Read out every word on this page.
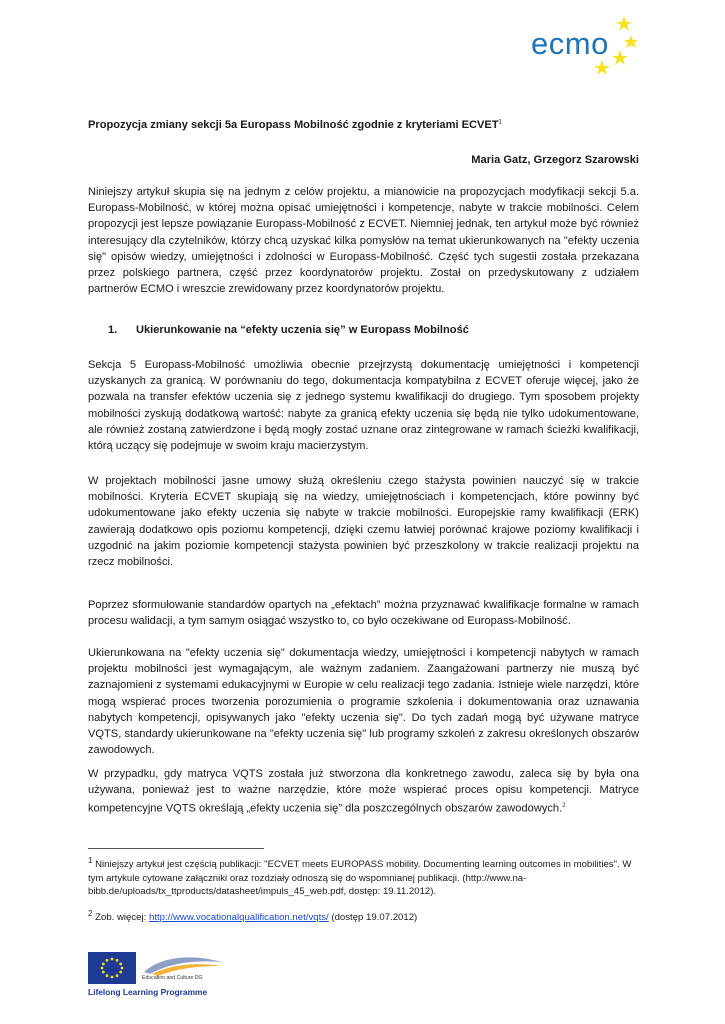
ecmo
Propozycja zmiany sekcji 5a Europass Mobilność zgodnie z kryteriami ECVET$^1$
Maria Gatz, Grzegorz Szarowski
Niniejszy artykuł skupia się na jednym z celów projektu, a mianowicie na propozycjach modyfikacji sekcji 5.a. Europass-Mobilność, w której można opisać umiejętności i kompetencje, nabyte w trakcie mobilności. Celem propozycji jest lepsze powiązanie Europass-Mobilność z ECVET. Niemniej jednak, ten artykuł może być również interesujący dla czytelników, którzy chcą uzyskać kilka pomysłów na temat ukierunkowanych na "efekty uczenia się" opisów wiedzy, umiejętności i zdolności w Europass-Mobilność. Część tych sugestii została przekazana przez polskiego partnera, część przez koordynatorów projektu. Został on przedyskutowany z udziałem partnerów ECMO i wreszcie zrewidowany przez koordynatorów projektu.
1. Ukierunkowanie na “efekty uczenia się” w Europass Mobilność
Sekcja 5 Europass-Mobilność umożliwia obecnie przejrzystą dokumentację umiejętności i kompetencji uzyskanych za granicą. W porównaniu do tego, dokumentacja kompatybilna z ECVET oferuje więcej, jako że pozwala na transfer efektów uczenia się z jednego systemu kwalifikacji do drugiego. Tym sposobem projekty mobilności zyskują dodatkową wartość: nabyte za granicą efekty uczenia się będą nie tylko udokumentowane, ale również zostaną zatwierdzone i będą mogły zostać uznane oraz zintegrowane w ramach ścieżki kwalifikacji, którą uczący się podejmuje w swoim kraju macierzystym.
W projektach mobilności jasne umowy służą określeniu czego stażysta powinien nauczyć się w trakcie mobilności. Kryteria ECVET skupiają się na wiedzy, umiejętnościach i kompetencjach, które powinny być udokumentowane jako efekty uczenia się nabyte w trakcie mobilności. Europejskie ramy kwalifikacji (ERK) zawierają dodatkowo opis poziomu kompetencji, dzięki czemu łatwiej porównać krajowe poziomy kwalifikacji i uzgodnić na jakim poziomie kompetencji stażysta powinien być przeszkolony w trakcie realizacji projektu na rzecz mobilności.
Poprzez sformułowanie standardów opartych na „efektach” można przyznawać kwalifikacje formalne w ramach procesu walidacji, a tym samym osiągać wszystko to, co było oczekiwane od Europass-Mobilność.
Ukierunkowana na "efekty uczenia się" dokumentacja wiedzy, umiejętności i kompetencji nabytych w ramach projektu mobilności jest wymagającym, ale ważnym zadaniem. Zaangażowani partnerzy nie muszą być zaznajomieni z systemami edukacyjnymi w Europie w celu realizacji tego zadania. Istnieje wiele narzędzi, które mogą wspierać proces tworzenia porozumienia o programie szkolenia i dokumentowania oraz uznawania nabytych kompetencji, opisywanych jako "efekty uczenia się". Do tych zadań mogą być używane matryce VQTS, standardy ukierunkowane na "efekty uczenia się" lub programy szkoleń z zakresu określonych obszarów zawodowych.
W przypadku, gdy matryca VQTS została już stworzona dla konkretnego zawodu, zaleca się by była ona używana, ponieważ jest to ważne narzędzie, które może wspierać proces opisu kompetencji. Matryce kompetencyjne VQTS określają „efekty uczenia się” dla poszczególnych obszarów zawodowych.$^2$
$^1$ Niniejszy artykuł jest częścią publikacji: "ECVET meets EUROPASS mobility. Documenting learning outcomes in mobilities". W tym artykule cytowane załączniki oraz rozdziały odnoszą się do wspomnianej publikacji. (http://www.na-bibb.de/uploads/tx_ttproducts/datasheet/impuls_45_web.pdf, dostęp: 19.11.2012).
$^2$ Zob. więcej: http://www.vocationalqualification.net/vqts/ (dostęp 19.07.2012)
Education and Culture DG
Lifelong Learning Programme
